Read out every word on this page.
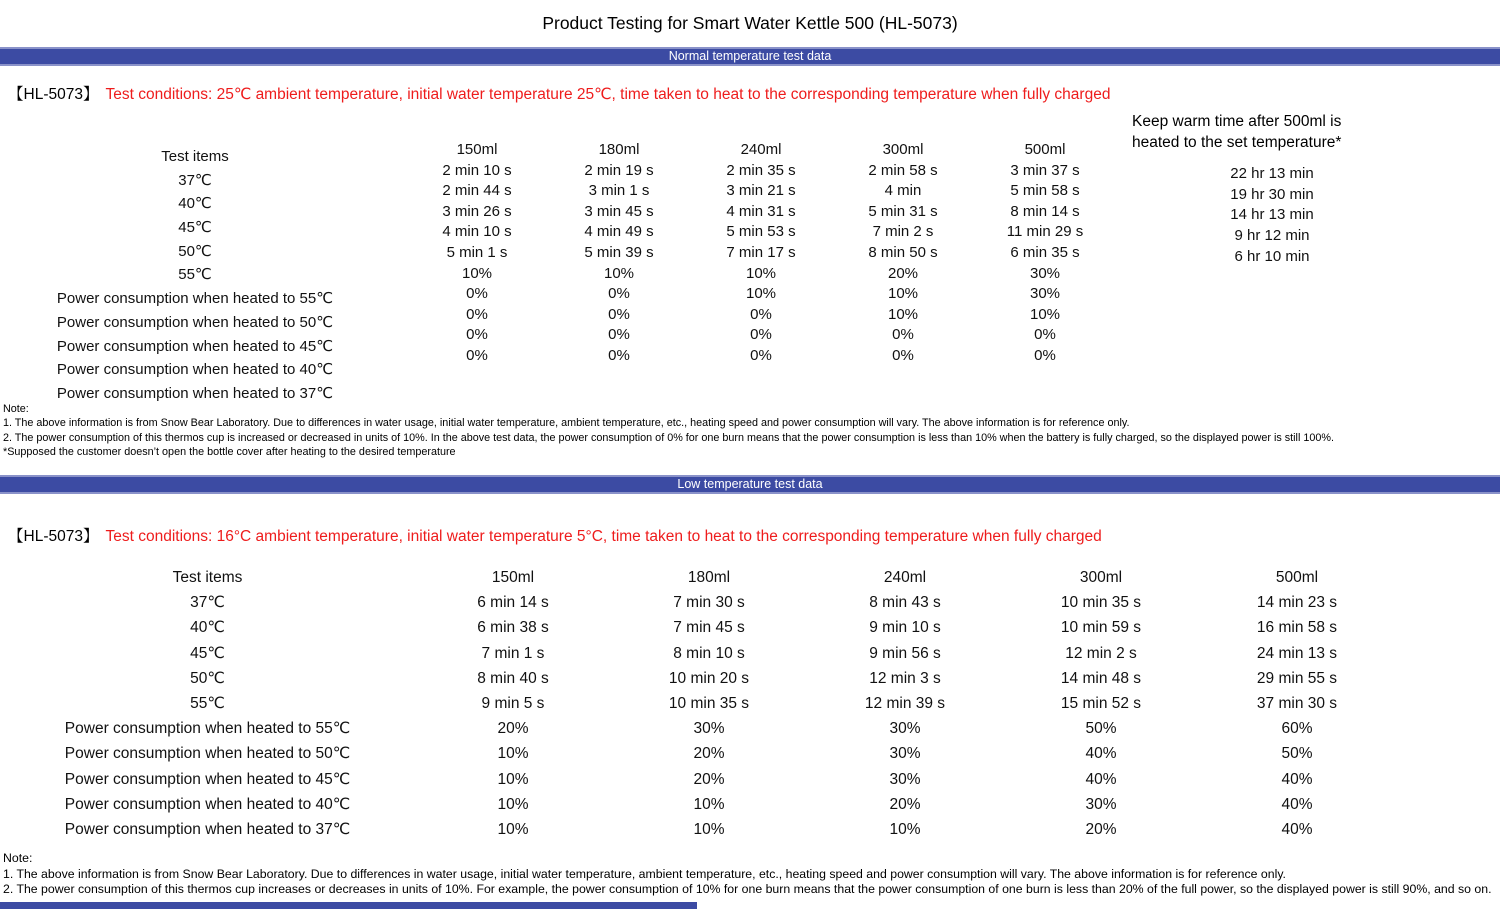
Product Testing for Smart Water Kettle 500 (HL-5073)
Normal temperature test data
【HL-5073】 Test conditions: 25℃ ambient temperature, initial water temperature 25℃, time taken to heat to the corresponding temperature when fully charged
Test items
37℃
40℃
45℃
50℃
55℃
Power consumption when heated to 55℃
Power consumption when heated to 50℃
Power consumption when heated to 45℃
Power consumption when heated to 40℃
Power consumption when heated to 37℃
150ml
2 min 10 s
2 min 44 s
3 min 26 s
4 min 10 s
5 min 1 s
10%
0%
0%
0%
0%
180ml
2 min 19 s
3 min 1 s
3 min 45 s
4 min 49 s
5 min 39 s
10%
0%
0%
0%
0%
240ml
2 min 35 s
3 min 21 s
4 min 31 s
5 min 53 s
7 min 17 s
10%
10%
0%
0%
0%
300ml
2 min 58 s
4 min
5 min 31 s
7 min 2 s
8 min 50 s
20%
10%
10%
0%
0%
500ml
3 min 37 s
5 min 58 s
8 min 14 s
11 min 29 s
6 min 35 s
30%
30%
10%
0%
0%
Keep warm time after 500ml is
heated to the set temperature*
22 hr 13 min
19 hr 30 min
14 hr 13 min
9 hr 12 min
6 hr 10 min
Note:
1. The above information is from Snow Bear Laboratory. Due to differences in water usage, initial water temperature, ambient temperature, etc., heating speed and power consumption will vary. The above information is for reference only.
2. The power consumption of this thermos cup is increased or decreased in units of 10%. In the above test data, the power consumption of 0% for one burn means that the power consumption is less than 10% when the battery is fully charged, so the displayed power is still 100%.
*Supposed the customer doesn’t open the bottle cover after heating to the desired temperature
Low temperature test data
【HL-5073】 Test conditions: 16°C ambient temperature, initial water temperature 5°C, time taken to heat to the corresponding temperature when fully charged
Test items
37℃
40℃
45℃
50℃
55℃
Power consumption when heated to 55℃
Power consumption when heated to 50℃
Power consumption when heated to 45℃
Power consumption when heated to 40℃
Power consumption when heated to 37℃
150ml
6 min 14 s
6 min 38 s
7 min 1 s
8 min 40 s
9 min 5 s
20%
10%
10%
10%
10%
180ml
7 min 30 s
7 min 45 s
8 min 10 s
10 min 20 s
10 min 35 s
30%
20%
20%
10%
10%
240ml
8 min 43 s
9 min 10 s
9 min 56 s
12 min 3 s
12 min 39 s
30%
30%
30%
20%
10%
300ml
10 min 35 s
10 min 59 s
12 min 2 s
14 min 48 s
15 min 52 s
50%
40%
40%
30%
20%
500ml
14 min 23 s
16 min 58 s
24 min 13 s
29 min 55 s
37 min 30 s
60%
50%
40%
40%
40%
Note:
1. The above information is from Snow Bear Laboratory. Due to differences in water usage, initial water temperature, ambient temperature, etc., heating speed and power consumption will vary. The above information is for reference only.
2. The power consumption of this thermos cup increases or decreases in units of 10%. For example, the power consumption of 10% for one burn means that the power consumption of one burn is less than 20% of the full power, so the displayed power is still 90%, and so on.
